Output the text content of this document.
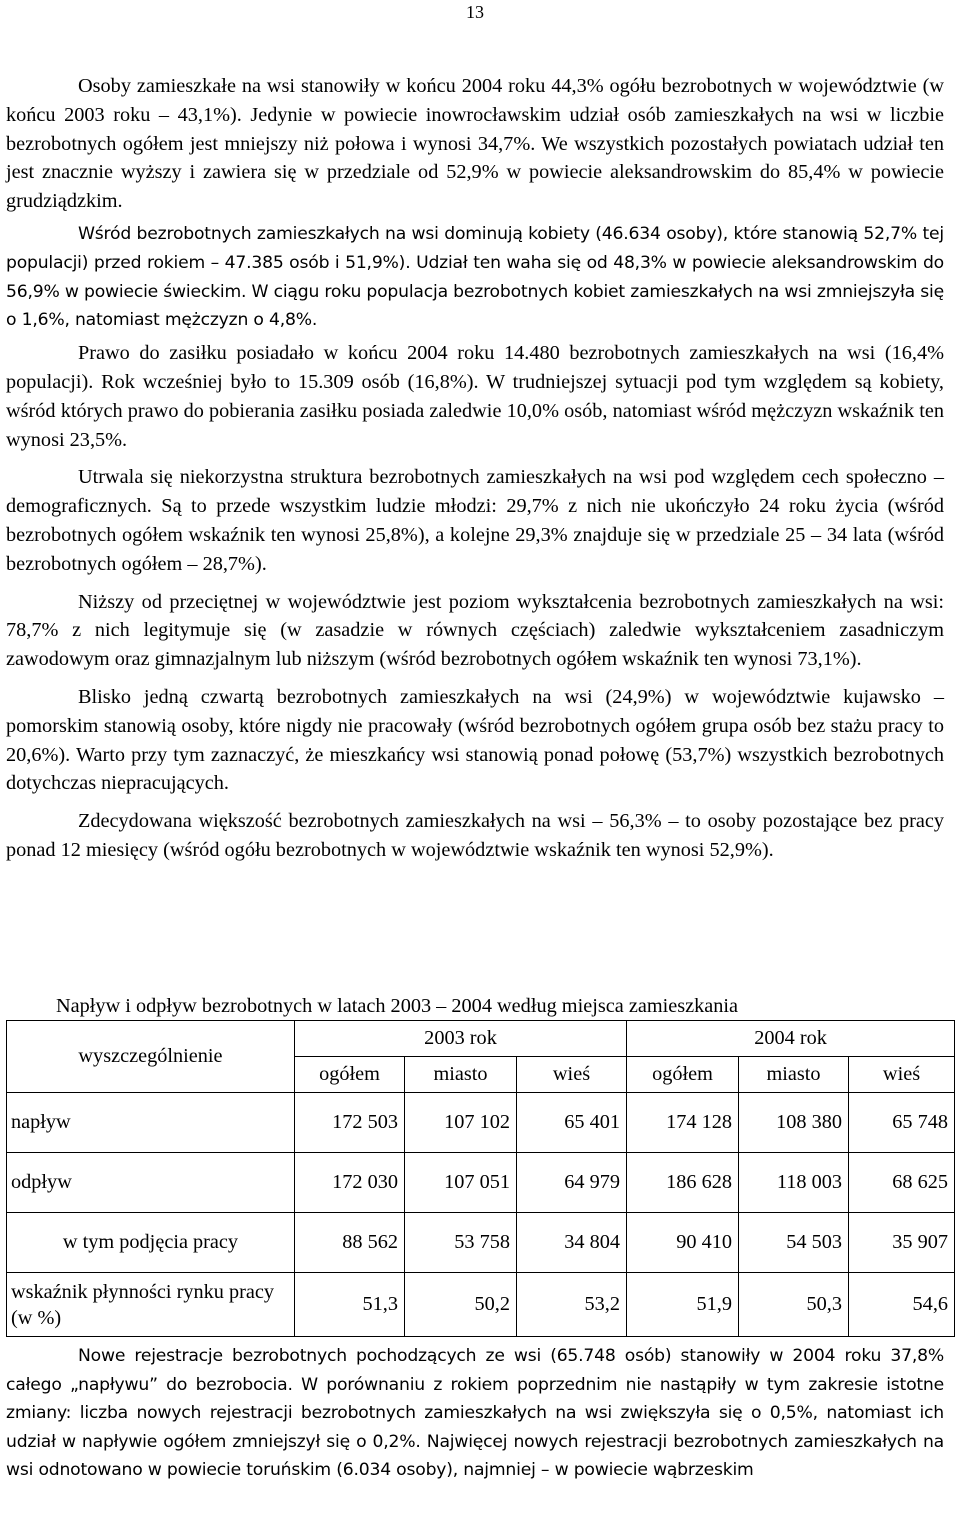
13

Osoby zamieszkałe na wsi stanowiły w końcu 2004 roku 44,3% ogółu bezrobotnych w województwie (w końcu 2003 roku – 43,1%). Jedynie w powiecie inowrocławskim udział osób zamieszkałych na wsi w liczbie bezrobotnych ogółem jest mniejszy niż połowa i wynosi 34,7%. We wszystkich pozostałych powiatach udział ten jest znacznie wyższy i zawiera się w przedziale od 52,9% w powiecie aleksandrowskim do 85,4% w powiecie grudziądzkim.

Wśród bezrobotnych zamieszkałych na wsi dominują kobiety (46.634 osoby), które stanowią 52,7% tej populacji) przed rokiem – 47.385 osób i 51,9%). Udział ten waha się od 48,3% w powiecie aleksandrowskim do 56,9% w powiecie świeckim. W ciągu roku populacja bezrobotnych kobiet zamieszkałych na wsi zmniejszyła się o 1,6%, natomiast mężczyzn o 4,8%.

Prawo do zasiłku posiadało w końcu 2004 roku 14.480 bezrobotnych zamieszkałych na wsi (16,4% populacji). Rok wcześniej było to 15.309 osób (16,8%). W trudniejszej sytuacji pod tym względem są kobiety, wśród których prawo do pobierania zasiłku posiada zaledwie 10,0% osób, natomiast wśród mężczyzn wskaźnik ten wynosi 23,5%.

Utrwala się niekorzystna struktura bezrobotnych zamieszkałych na wsi pod względem cech społeczno – demograficznych. Są to przede wszystkim ludzie młodzi: 29,7% z nich nie ukończyło 24 roku życia (wśród bezrobotnych ogółem wskaźnik ten wynosi 25,8%), a kolejne 29,3% znajduje się w przedziale 25 – 34 lata (wśród bezrobotnych ogółem – 28,7%).

Niższy od przeciętnej w województwie jest poziom wykształcenia bezrobotnych zamieszkałych na wsi: 78,7% z nich legitymuje się (w zasadzie w równych częściach) zaledwie wykształceniem zasadniczym zawodowym oraz gimnazjalnym lub niższym (wśród bezrobotnych ogółem wskaźnik ten wynosi 73,1%).

Blisko jedną czwartą bezrobotnych zamieszkałych na wsi (24,9%) w województwie kujawsko – pomorskim stanowią osoby, które nigdy nie pracowały (wśród bezrobotnych ogółem grupa osób bez stażu pracy to 20,6%). Warto przy tym zaznaczyć, że mieszkańcy wsi stanowią ponad połowę (53,7%) wszystkich bezrobotnych dotychczas niepracujących.

Zdecydowana większość bezrobotnych zamieszkałych na wsi – 56,3% – to osoby pozostające bez pracy ponad 12 miesięcy (wśród ogółu bezrobotnych w województwie wskaźnik ten wynosi 52,9%).

Napływ i odpływ bezrobotnych w latach 2003 – 2004 według miejsca zamieszkania
wyszczególnienie	2003 rok			2004 rok		
	ogółem	miasto	wieś	ogółem	miasto	wieś
napływ	172 503	107 102	65 401	174 128	108 380	65 748
odpływ	172 030	107 051	64 979	186 628	118 003	68 625
w tym podjęcia pracy	88 562	53 758	34 804	90 410	54 503	35 907
wskaźnik płynności rynku pracy (w %)	51,3	50,2	53,2	51,9	50,3	54,6

Nowe rejestracje bezrobotnych pochodzących ze wsi (65.748 osób) stanowiły w 2004 roku 37,8% całego „napływu” do bezrobocia. W porównaniu z rokiem poprzednim nie nastąpiły w tym zakresie istotne zmiany: liczba nowych rejestracji bezrobotnych zamieszkałych na wsi zwiększyła się o 0,5%, natomiast ich udział w napływie ogółem zmniejszył się o 0,2%. Najwięcej nowych rejestracji bezrobotnych zamieszkałych na wsi odnotowano w powiecie toruńskim (6.034 osoby), najmniej – w powiecie wąbrzeskim
